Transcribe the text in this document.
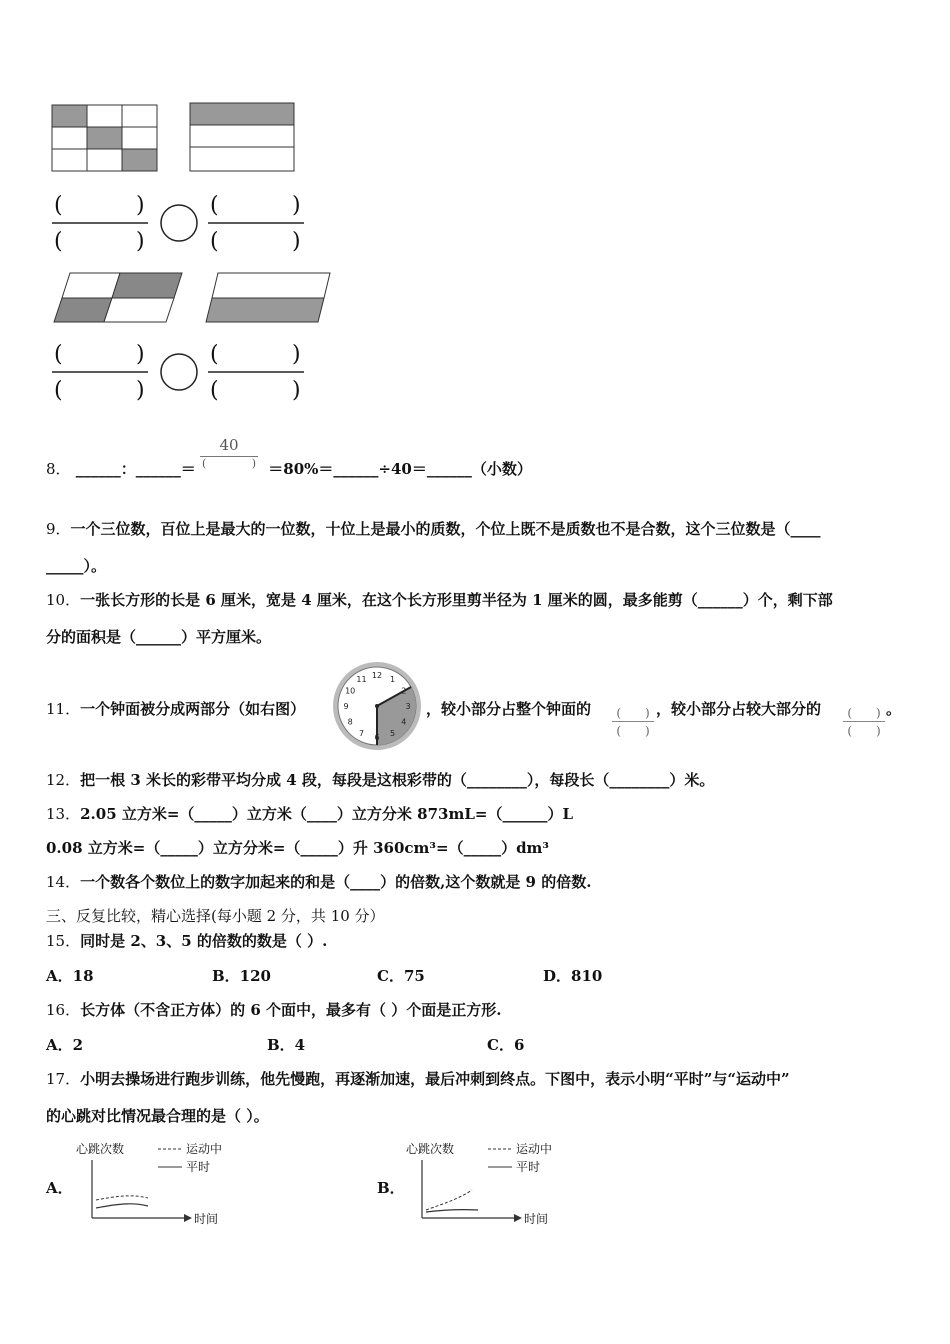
(	)
(	)
(	)
(	)
(	)
(	)
(	)
(	)
8． ______：______＝	＝80%＝______÷40＝______（小数）
40
(	)
9．一个三位数，百位上是最大的一位数，十位上是最小的质数，个位上既不是质数也不是合数，这个三位数是（____
_____）。
10．一张长方形的长是 6 厘米，宽是 4 厘米，在这个长方形里剪半径为 1 厘米的圆，最多能剪（______）个，剩下部
分的面积是（______）平方厘米。
11．一个钟面被分成两部分（如右图）
12 1
2
3
4
5
6
7
8
9
10
11
，较小部分占整个钟面的	(　　)
(　　)
，较小部分占较大部分的	(　　)
(　　)
。
12．把一根 3 米长的彩带平均分成 4 段，每段是这根彩带的（________），每段长（________）米。
13．2.05 立方米=（_____）立方米（____）立方分米 873mL=（______）L
0.08 立方米=（_____）立方分米=（_____）升 360cm³=（_____）dm³
14．一个数各个数位上的数字加起来的和是（____）的倍数,这个数就是 9 的倍数.
三、反复比较，精心选择(每小题 2 分，共 10 分）
15．同时是 2、3、5 的倍数的数是（ ）.
A．18	B．120	C．75	D．810
16．长方体（不含正方体）的 6 个面中，最多有（ ）个面是正方形.
A．2	B．4	C．6
17．小明去操场进行跑步训练，他先慢跑，再逐渐加速，最后冲刺到终点。下图中，表示小明“平时”与“运动中”
的心跳对比情况最合理的是（ ）。
A．
心跳次数
时间
运动中
平时
B．
心跳次数
时间
运动中
平时
